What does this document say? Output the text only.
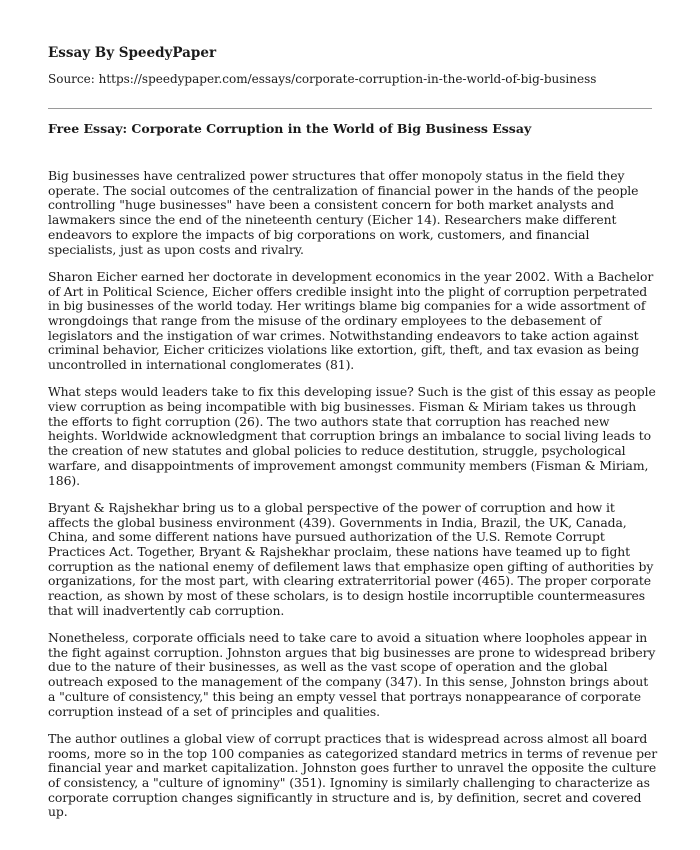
Essay By SpeedyPaper
Source: https://speedypaper.com/essays/corporate-corruption-in-the-world-of-big-business
Free Essay: Corporate Corruption in the World of Big Business Essay

Big businesses have centralized power structures that offer monopoly status in the field they operate. The social outcomes of the centralization of financial power in the hands of the people controlling "huge businesses" have been a consistent concern for both market analysts and lawmakers since the end of the nineteenth century (Eicher 14). Researchers make different endeavors to explore the impacts of big corporations on work, customers, and financial specialists, just as upon costs and rivalry.

Sharon Eicher earned her doctorate in development economics in the year 2002. With a Bachelor of Art in Political Science, Eicher offers credible insight into the plight of corruption perpetrated in big businesses of the world today. Her writings blame big companies for a wide assortment of wrongdoings that range from the misuse of the ordinary employees to the debasement of legislators and the instigation of war crimes. Notwithstanding endeavors to take action against criminal behavior, Eicher criticizes violations like extortion, gift, theft, and tax evasion as being uncontrolled in international conglomerates (81).

What steps would leaders take to fix this developing issue? Such is the gist of this essay as people view corruption as being incompatible with big businesses. Fisman & Miriam takes us through the efforts to fight corruption (26). The two authors state that corruption has reached new heights. Worldwide acknowledgment that corruption brings an imbalance to social living leads to the creation of new statutes and global policies to reduce destitution, struggle, psychological warfare, and disappointments of improvement amongst community members (Fisman & Miriam, 186).

Bryant & Rajshekhar bring us to a global perspective of the power of corruption and how it affects the global business environment (439). Governments in India, Brazil, the UK, Canada, China, and some different nations have pursued authorization of the U.S. Remote Corrupt Practices Act. Together, Bryant & Rajshekhar proclaim, these nations have teamed up to fight corruption as the national enemy of defilement laws that emphasize open gifting of authorities by organizations, for the most part, with clearing extraterritorial power (465). The proper corporate reaction, as shown by most of these scholars, is to design hostile incorruptible countermeasures that will inadvertently cab corruption.

Nonetheless, corporate officials need to take care to avoid a situation where loopholes appear in the fight against corruption. Johnston argues that big businesses are prone to widespread bribery due to the nature of their businesses, as well as the vast scope of operation and the global outreach exposed to the management of the company (347). In this sense, Johnston brings about a "culture of consistency," this being an empty vessel that portrays nonappearance of corporate corruption instead of a set of principles and qualities.

The author outlines a global view of corrupt practices that is widespread across almost all board rooms, more so in the top 100 companies as categorized standard metrics in terms of revenue per financial year and market capitalization. Johnston goes further to unravel the opposite the culture of consistency, a "culture of ignominy" (351). Ignominy is similarly challenging to characterize as corporate corruption changes significantly in structure and is, by definition, secret and covered up.
